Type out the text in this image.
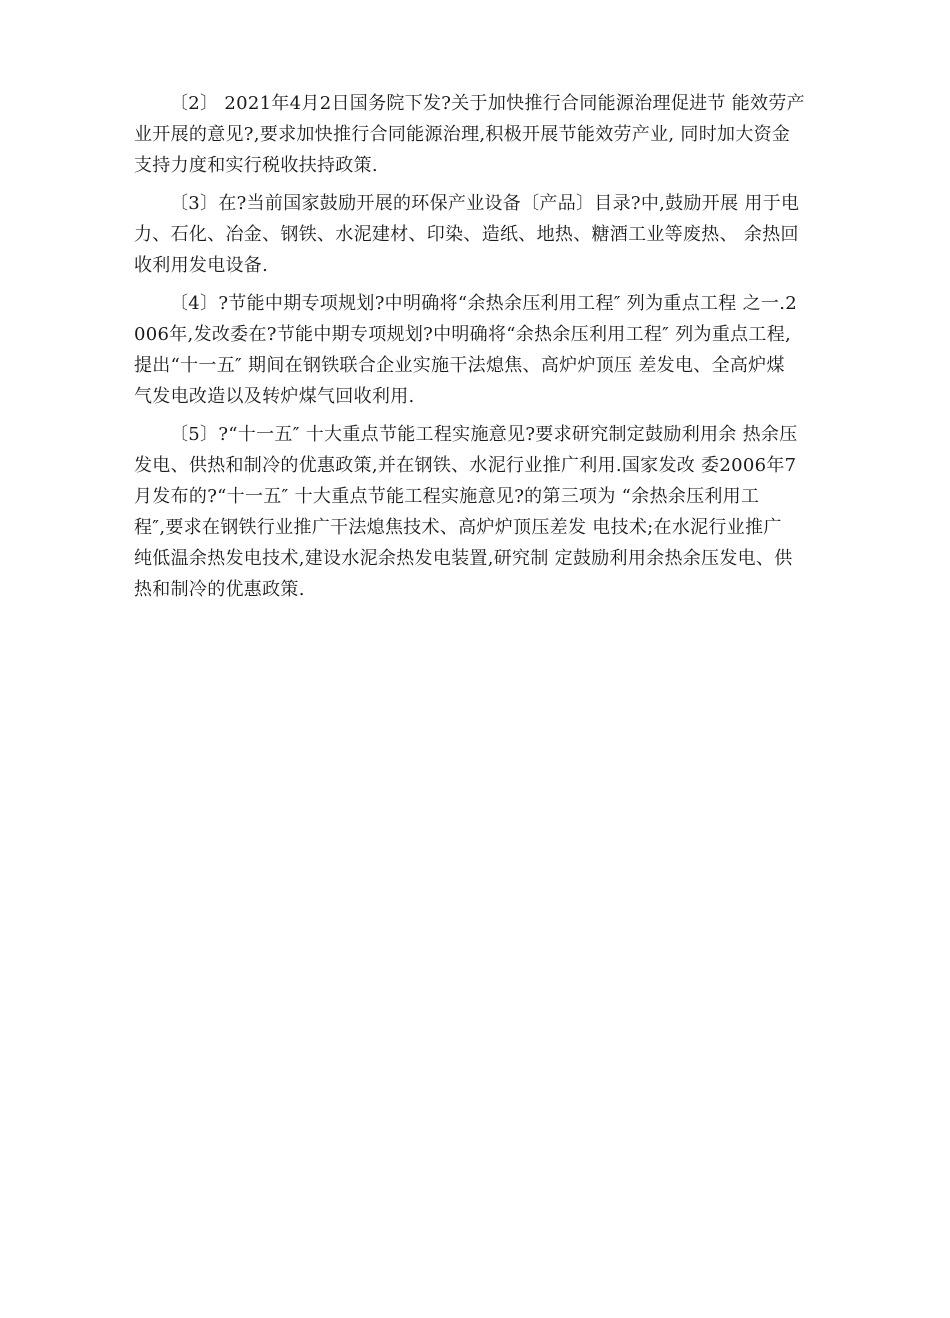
〔2〕 2021年4月2日国务院下发?关于加快推行合同能源治理促进节 能效劳产
业开展的意见?,要求加快推行合同能源治理,积极开展节能效劳产业, 同时加大资金
支持力度和实行税收扶持政策.

〔3〕在?当前国家鼓励开展的环保产业设备〔产品〕目录?中,鼓励开展 用于电
力、石化、冶金、钢铁、水泥建材、印染、造纸、地热、糖酒工业等废热、 余热回
收利用发电设备.

〔4〕?节能中期专项规划?中明确将“余热余压利用工程″ 列为重点工程 之一.2
006年,发改委在?节能中期专项规划?中明确将“余热余压利用工程″ 列为重点工程,
提出“十一五″ 期间在钢铁联合企业实施干法熄焦、高炉炉顶压 差发电、全高炉煤
气发电改造以及转炉煤气回收利用.

〔5〕?“十一五″ 十大重点节能工程实施意见?要求研究制定鼓励利用余 热余压
发电、供热和制冷的优惠政策,并在钢铁、水泥行业推广利用.国家发改 委2006年7
月发布的?“十一五″ 十大重点节能工程实施意见?的第三项为 “余热余压利用工
程″,要求在钢铁行业推广干法熄焦技术、高炉炉顶压差发 电技术;在水泥行业推广
纯低温余热发电技术,建设水泥余热发电装置,研究制 定鼓励利用余热余压发电、供
热和制冷的优惠政策.
